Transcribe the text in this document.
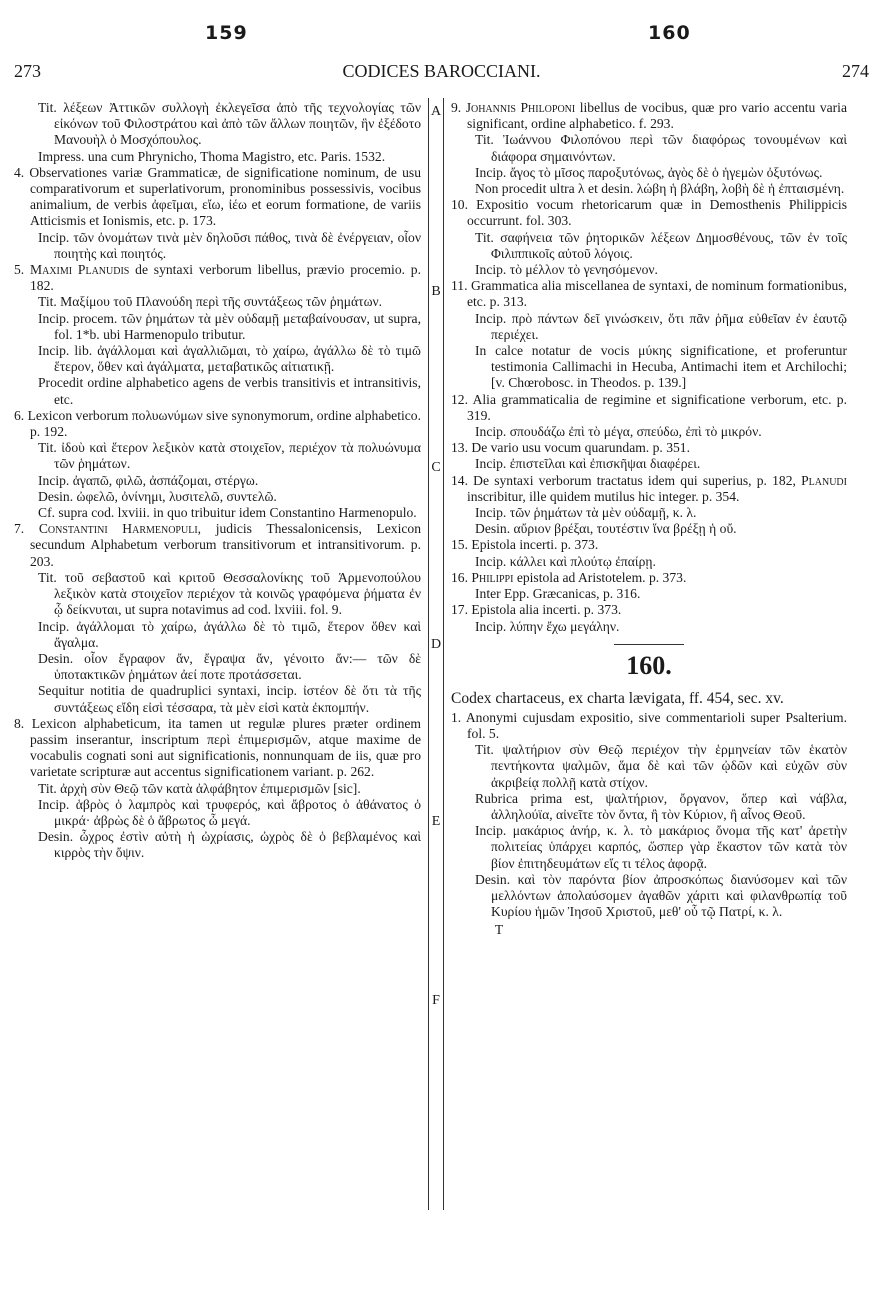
159	160
273	CODICES BAROCCIANI.	274
A
B
C
D
E
F

Tit. λέξεων Ἀττικῶν συλλογὴ ἐκλεγεῖσα ἀπὸ τῆς τεχνολογίας τῶν εἰκόνων τοῦ Φιλοστράτου καὶ ἀπὸ τῶν ἄλλων ποιητῶν, ἣν ἐξέδοτο Μανουὴλ ὁ Μοσχόπουλος.

Impress. una cum Phrynicho, Thoma Magistro, etc. Paris. 1532.

4. Observationes variæ Grammaticæ, de significatione nominum, de usu comparativorum et superlativorum, pronominibus possessivis, vocibus animalium, de verbis ἀφεῖμαι, εἴω, ἰέω et eorum formatione, de variis Atticismis et Ionismis, etc. p. 173.

Incip. τῶν ὀνομάτων τινὰ μὲν δηλοῦσι πάθος, τινὰ δὲ ἐνέργειαν, οἷον ποιητὴς καὶ ποιητός.

5. Maximi Planudis de syntaxi verborum libellus, prævio procemio. p. 182.

Tit. Μαξίμου τοῦ Πλανούδη περὶ τῆς συντάξεως τῶν ῥημάτων.

Incip. procem. τῶν ῥημάτων τὰ μὲν οὐδαμῇ μεταβαίνουσαν, ut supra, fol. 1*b. ubi Harmenopulo tributur.

Incip. lib. ἀγάλλομαι καὶ ἀγαλλιῶμαι, τὸ χαίρω, ἀγάλλω δὲ τὸ τιμῶ ἕτερον, ὅθεν καὶ ἀγάλματα, μεταβατικῶς αἰτιατικῇ.

Procedit ordine alphabetico agens de verbis transitivis et intransitivis, etc.

6. Lexicon verborum πολυωνύμων sive synonymorum, ordine alphabetico. p. 192.

Tit. ἰδοὺ καὶ ἕτερον λεξικὸν κατὰ στοιχεῖον, περιέχον τὰ πολυώνυμα τῶν ῥημάτων.

Incip. ἀγαπῶ, φιλῶ, ἀσπάζομαι, στέργω.

Desin. ὠφελῶ, ὀνίνημι, λυσιτελῶ, συντελῶ.

Cf. supra cod. lxviii. in quo tribuitur idem Constantino Harmenopulo.

7. Constantini Harmenopuli, judicis Thessalonicensis, Lexicon secundum Alphabetum verborum transitivorum et intransitivorum. p. 203.

Tit. τοῦ σεβαστοῦ καὶ κριτοῦ Θεσσαλονίκης τοῦ Ἁρμενοπούλου λεξικὸν κατὰ στοιχεῖον περιέχον τὰ κοινῶς γραφόμενα ῥήματα ἐν ᾧ δείκνυται, ut supra notavimus ad cod. lxviii. fol. 9.

Incip. ἀγάλλομαι τὸ χαίρω, ἀγάλλω δὲ τὸ τιμῶ, ἕτερον ὅθεν καὶ ἄγαλμα.

Desin. οἷον ἔγραφον ἄν, ἔγραψα ἄν, γένοιτο ἄν:— τῶν δὲ ὑποτακτικῶν ῥημάτων ἀεί ποτε προτάσσεται.

Sequitur notitia de quadruplici syntaxi, incip. ἰστέον δὲ ὅτι τὰ τῆς συντάξεως εἴδη εἰσὶ τέσσαρα, τὰ μὲν εἰσὶ κατὰ ἐκπομπήν.

8. Lexicon alphabeticum, ita tamen ut regulæ plures præter ordinem passim inserantur, inscriptum περὶ ἐπιμερισμῶν, atque maxime de vocabulis cognati soni aut significationis, nonnunquam de iis, quæ pro varietate scripturæ aut accentus significationem variant. p. 262.

Tit. ἀρχὴ σὺν Θεῷ τῶν κατὰ ἀλφάβητον ἐπιμερισμῶν [sic].

Incip. ἁβρὸς ὁ λαμπρὸς καὶ τρυφερός, καὶ ἄβροτος ὁ ἀθάνατος ὁ μικρά· ἀβρὼς δὲ ὁ ἄβρωτος ὦ μεγά.

Desin. ὦχρος ἐστὶν αὐτὴ ἡ ὠχρίασις, ὠχρὸς δὲ ὁ βεβλαμένος καὶ κιρρὸς τὴν ὄψιν.

9. Johannis Philoponi libellus de vocibus, quæ pro vario accentu varia significant, ordine alphabetico. f. 293.

Tit. Ἰωάννου Φιλοπόνου περὶ τῶν διαφόρως τονουμένων καὶ διάφορα σημαινόντων.

Incip. ἄγος τὸ μῖσος παροξυτόνως, ἀγὸς δὲ ὁ ἡγεμὼν ὀξυτόνως.

Non procedit ultra λ et desin. λώβη ἡ βλάβη, λοβὴ δὲ ἡ ἐπταισμένη.

10. Expositio vocum rhetoricarum quæ in Demosthenis Philippicis occurrunt. fol. 303.

Tit. σαφήνεια τῶν ῥητορικῶν λέξεων Δημοσθένους, τῶν ἐν τοῖς Φιλιππικοῖς αὐτοῦ λόγοις.

Incip. τὸ μέλλον τὸ γενησόμενον.

11. Grammatica alia miscellanea de syntaxi, de nominum formationibus, etc. p. 313.

Incip. πρὸ πάντων δεῖ γινώσκειν, ὅτι πᾶν ῥῆμα εὐθεῖαν ἐν ἑαυτῷ περιέχει.

In calce notatur de vocis μύκης significatione, et proferuntur testimonia Callimachi in Hecuba, Antimachi item et Archilochi; [v. Chœrobosc. in Theodos. p. 139.]

12. Alia grammaticalia de regimine et significatione verborum, etc. p. 319.

Incip. σπουδάζω ἐπὶ τὸ μέγα, σπεύδω, ἐπὶ τὸ μικρόν.

13. De vario usu vocum quarundam. p. 351.

Incip. ἐπιστεῖλαι καὶ ἐπισκῆψαι διαφέρει.

14. De syntaxi verborum tractatus idem qui superius, p. 182, Planudi inscribitur, ille quidem mutilus hic integer. p. 354.

Incip. τῶν ῥημάτων τὰ μὲν οὐδαμῇ, κ. λ.

Desin. αὔριον βρέξαι, τουτέστιν ἵνα βρέξῃ ἡ οὔ.

15. Epistola incerti. p. 373.

Incip. κάλλει καὶ πλούτῳ ἐπαίρῃ.

16. Philippi epistola ad Aristotelem. p. 373.

Inter Epp. Græcanicas, p. 316.

17. Epistola alia incerti. p. 373.

Incip. λύπην ἔχω μεγάλην.

160.

Codex chartaceus, ex charta lævigata, ff. 454, sec. xv.

1. Anonymi cujusdam expositio, sive commentarioli super Psalterium. fol. 5.

Tit. ψαλτήριον σὺν Θεῷ περιέχον τὴν ἑρμηνείαν τῶν ἑκατὸν πεντήκοντα ψαλμῶν, ἅμα δὲ καὶ τῶν ᾠδῶν καὶ εὐχῶν σὺν ἀκριβείᾳ πολλῇ κατὰ στίχον.

Rubrica prima est, ψαλτήριον, ὄργανον, ὅπερ καὶ νάβλα, ἀλληλούϊα, αἰνεῖτε τὸν ὄντα, ἢ τὸν Κύριον, ἢ αἶνος Θεοῦ.

Incip. μακάριος ἀνήρ, κ. λ. τὸ μακάριος ὄνομα τῆς κατ' ἀρετὴν πολιτείας ὑπάρχει καρπός, ὥσπερ γὰρ ἕκαστον τῶν κατὰ τὸν βίον ἐπιτηδευμάτων εἴς τι τέλος ἀφορᾷ.

Desin. καὶ τὸν παρόντα βίον ἀπροσκόπως διανύσομεν καὶ τῶν μελλόντων ἀπολαύσομεν ἀγαθῶν χάριτι καὶ φιλανθρωπίᾳ τοῦ Κυρίου ἡμῶν Ἰησοῦ Χριστοῦ, μεθ' οὗ τῷ Πατρί, κ. λ.

T
